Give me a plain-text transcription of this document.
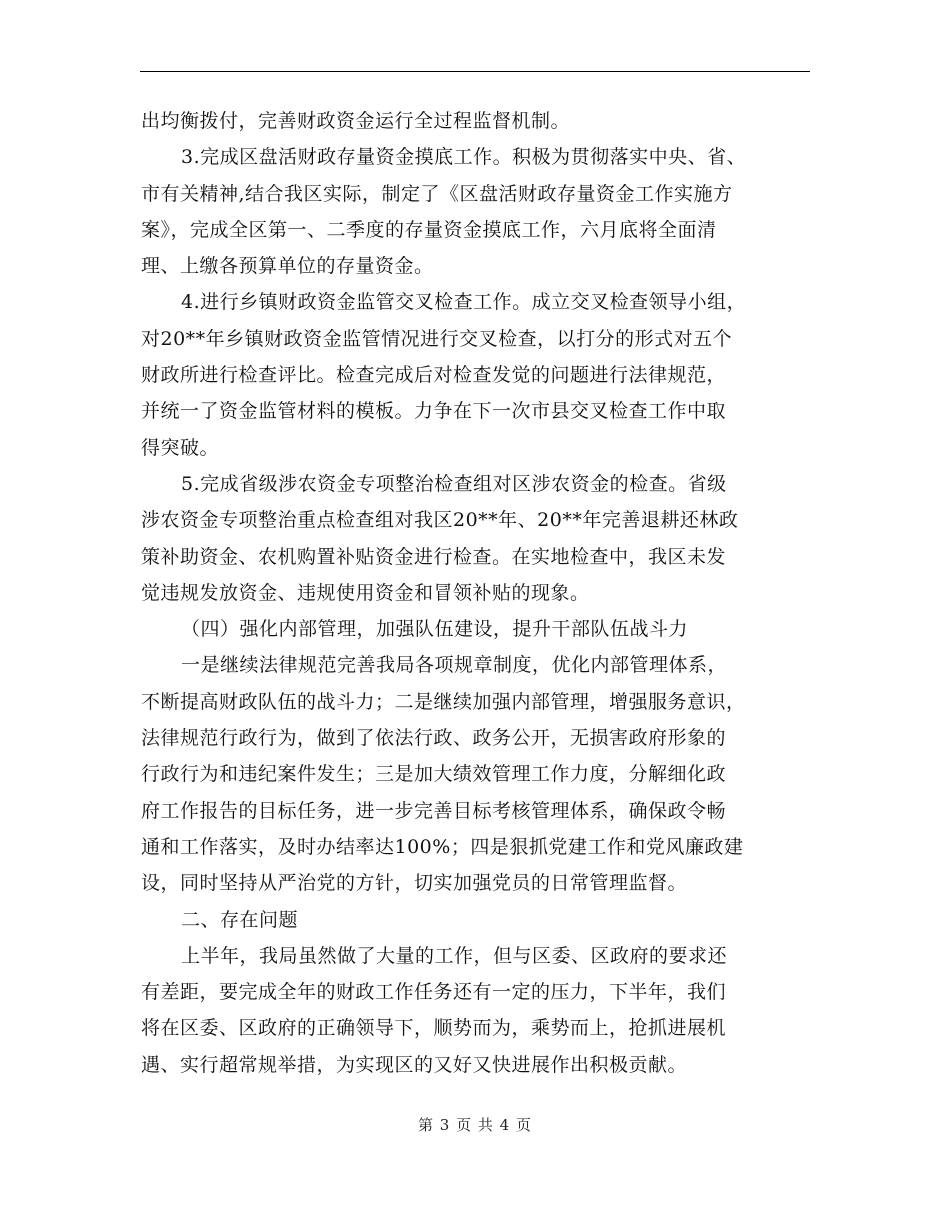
出均衡拨付，完善财政资金运行全过程监督机制。
3.完成区盘活财政存量资金摸底工作。积极为贯彻落实中央、省、
市有关精神,结合我区实际，制定了《区盘活财政存量资金工作实施方
案》，完成全区第一、二季度的存量资金摸底工作，六月底将全面清
理、上缴各预算单位的存量资金。
4.进行乡镇财政资金监管交叉检查工作。成立交叉检查领导小组，
对20**年乡镇财政资金监管情况进行交叉检查，以打分的形式对五个
财政所进行检查评比。检查完成后对检查发觉的问题进行法律规范，
并统一了资金监管材料的模板。力争在下一次市县交叉检查工作中取
得突破。
5.完成省级涉农资金专项整治检查组对区涉农资金的检查。省级
涉农资金专项整治重点检查组对我区20**年、20**年完善退耕还林政
策补助资金、农机购置补贴资金进行检查。在实地检查中，我区未发
觉违规发放资金、违规使用资金和冒领补贴的现象。
（四）强化内部管理，加强队伍建设，提升干部队伍战斗力
一是继续法律规范完善我局各项规章制度，优化内部管理体系，
不断提高财政队伍的战斗力；二是继续加强内部管理，增强服务意识，
法律规范行政行为，做到了依法行政、政务公开，无损害政府形象的
行政行为和违纪案件发生；三是加大绩效管理工作力度，分解细化政
府工作报告的目标任务，进一步完善目标考核管理体系，确保政令畅
通和工作落实，及时办结率达100%；四是狠抓党建工作和党风廉政建
设，同时坚持从严治党的方针，切实加强党员的日常管理监督。
二、存在问题
上半年，我局虽然做了大量的工作，但与区委、区政府的要求还
有差距，要完成全年的财政工作任务还有一定的压力，下半年，我们
将在区委、区政府的正确领导下，顺势而为，乘势而上，抢抓进展机
遇、实行超常规举措，为实现区的又好又快进展作出积极贡献。
第 3 页 共 4 页
